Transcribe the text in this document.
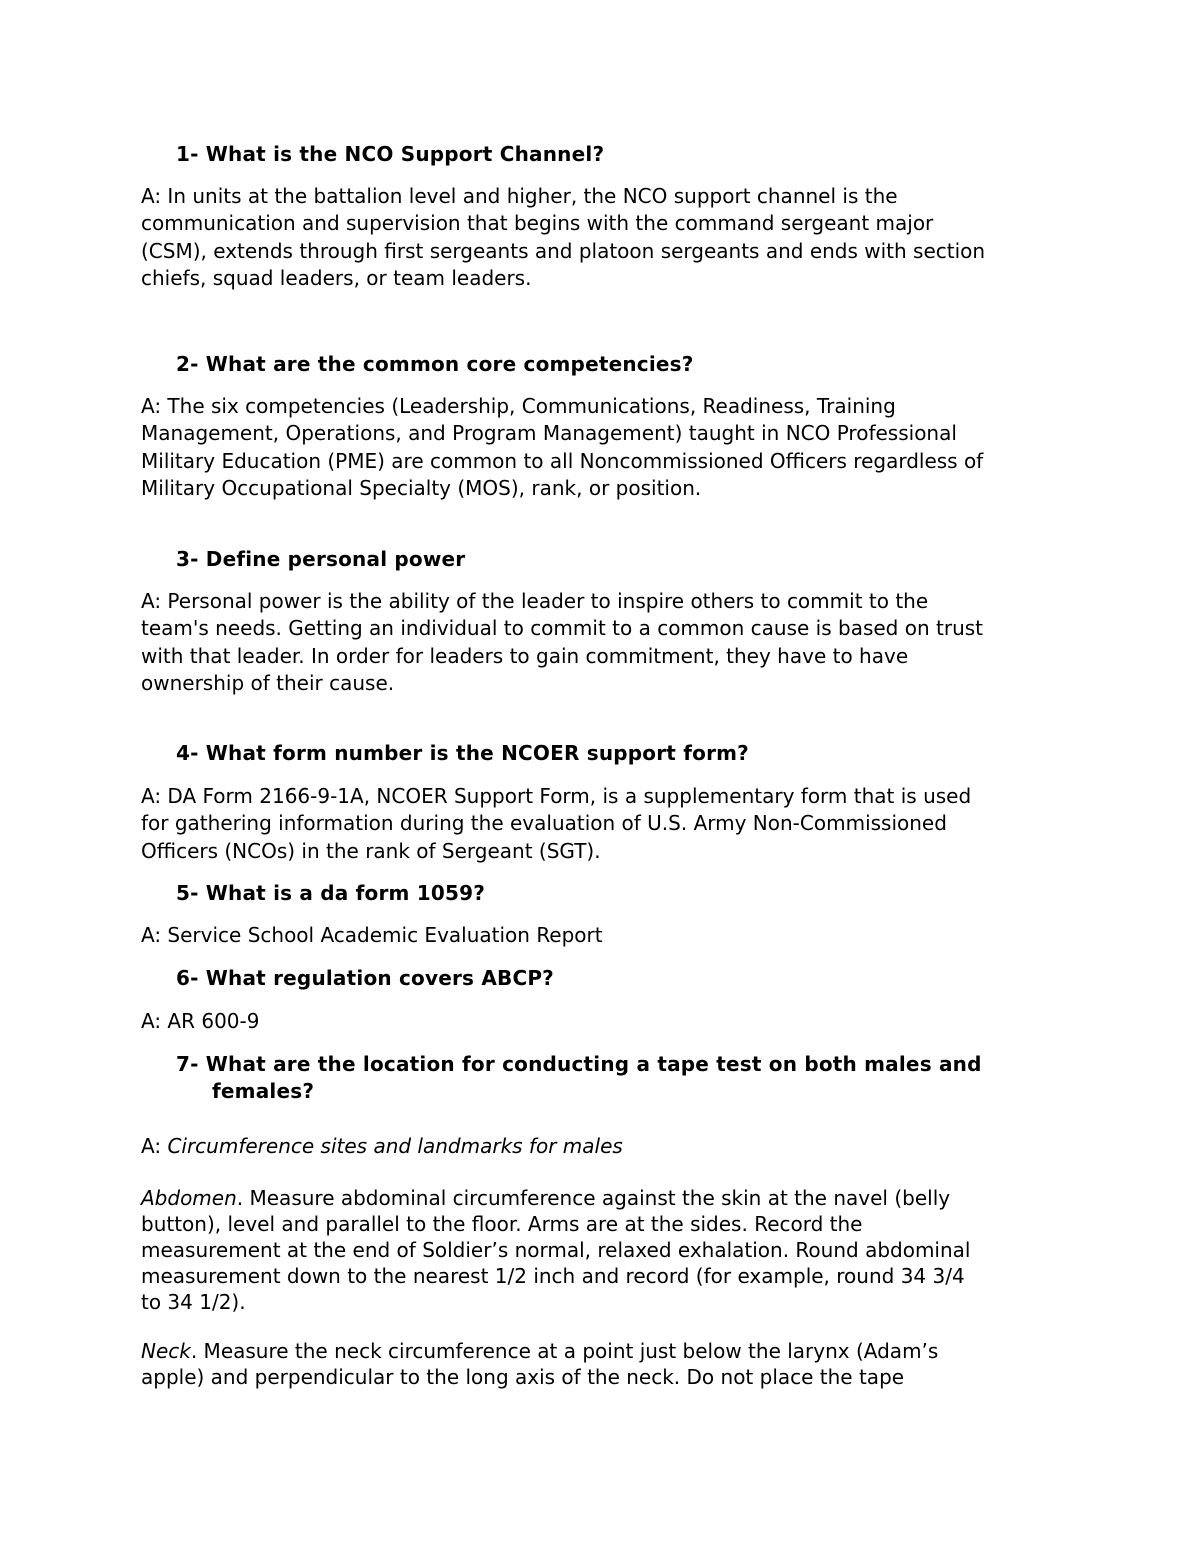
1- What is the NCO Support Channel?
A: In units at the battalion level and higher, the NCO support channel is the
communication and supervision that begins with the command sergeant major
(CSM), extends through first sergeants and platoon sergeants and ends with section
chiefs, squad leaders, or team leaders.
2- What are the common core competencies?
A: The six competencies (Leadership, Communications, Readiness, Training
Management, Operations, and Program Management) taught in NCO Professional
Military Education (PME) are common to all Noncommissioned Officers regardless of
Military Occupational Specialty (MOS), rank, or position.
3- Define personal power
A: Personal power is the ability of the leader to inspire others to commit to the
team's needs. Getting an individual to commit to a common cause is based on trust
with that leader. In order for leaders to gain commitment, they have to have
ownership of their cause.
4- What form number is the NCOER support form?
A: DA Form 2166-9-1A, NCOER Support Form, is a supplementary form that is used
for gathering information during the evaluation of U.S. Army Non-Commissioned
Officers (NCOs) in the rank of Sergeant (SGT).
5- What is a da form 1059?
A: Service School Academic Evaluation Report
6- What regulation covers ABCP?
A: AR 600-9
7- What are the location for conducting a tape test on both males and
females?
A: Circumference sites and landmarks for males
Abdomen. Measure abdominal circumference against the skin at the navel (belly
button), level and parallel to the floor. Arms are at the sides. Record the
measurement at the end of Soldier’s normal, relaxed exhalation. Round abdominal
measurement down to the nearest 1/2 inch and record (for example, round 34 3/4
to 34 1/2).
Neck. Measure the neck circumference at a point just below the larynx (Adam’s
apple) and perpendicular to the long axis of the neck. Do not place the tape
